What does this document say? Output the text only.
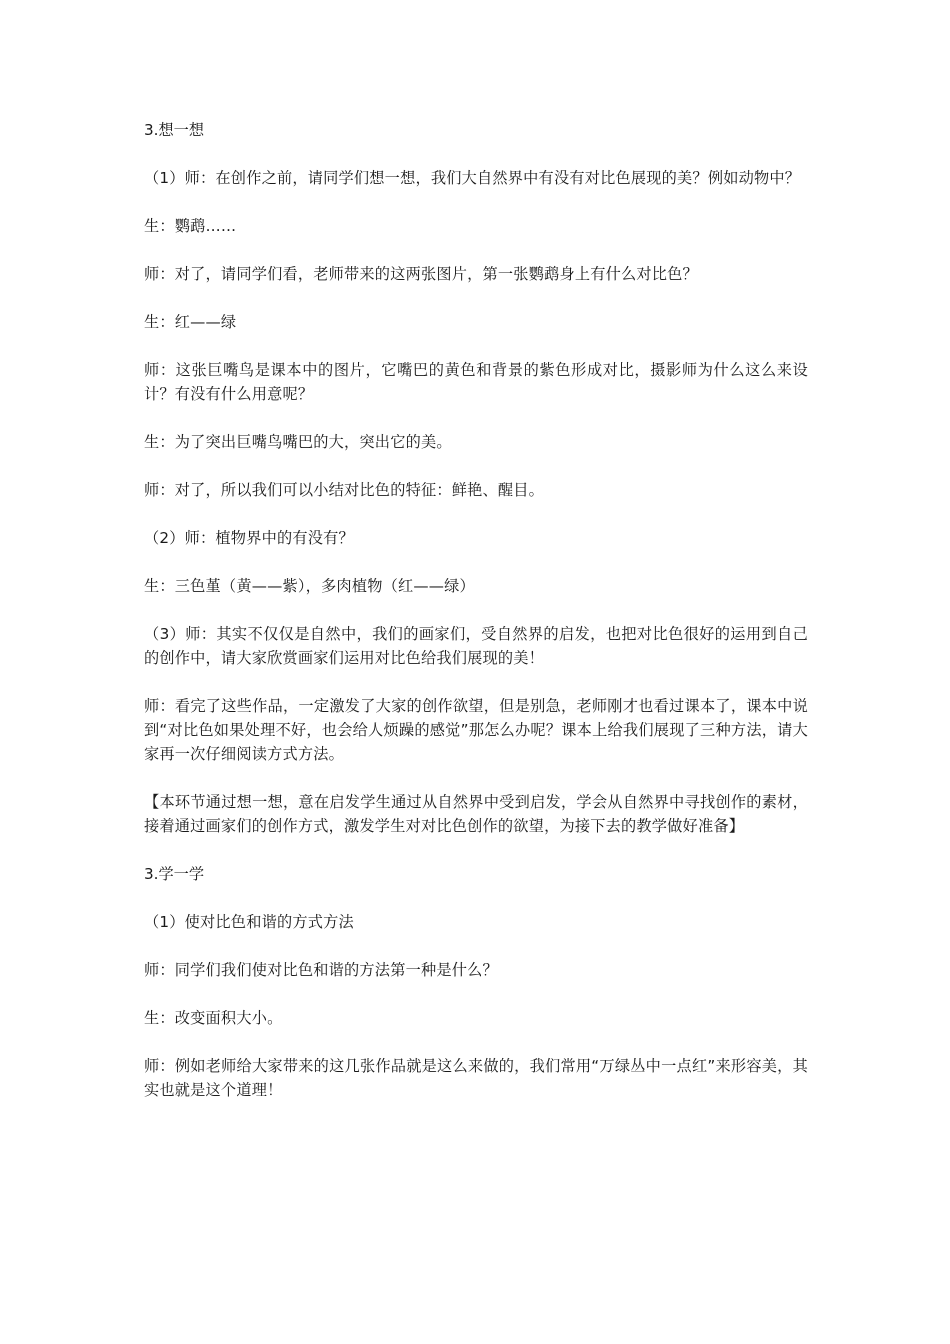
3.想一想

（1）师：在创作之前，请同学们想一想，我们大自然界中有没有对比色展现的美？例如动物中？

生：鹦鹉……

师：对了，请同学们看，老师带来的这两张图片，第一张鹦鹉身上有什么对比色？

生：红——绿

师：这张巨嘴鸟是课本中的图片，它嘴巴的黄色和背景的紫色形成对比，摄影师为什么这么来设计？有没有什么用意呢？

生：为了突出巨嘴鸟嘴巴的大，突出它的美。

师：对了，所以我们可以小结对比色的特征：鲜艳、醒目。

（2）师：植物界中的有没有？

生：三色堇（黄——紫），多肉植物（红——绿）

（3）师：其实不仅仅是自然中，我们的画家们，受自然界的启发，也把对比色很好的运用到自己的创作中，请大家欣赏画家们运用对比色给我们展现的美！

师：看完了这些作品，一定激发了大家的创作欲望，但是别急，老师刚才也看过课本了，课本中说到“对比色如果处理不好，也会给人烦躁的感觉”那怎么办呢？课本上给我们展现了三种方法，请大家再一次仔细阅读方式方法。

【本环节通过想一想，意在启发学生通过从自然界中受到启发，学会从自然界中寻找创作的素材，接着通过画家们的创作方式，激发学生对对比色创作的欲望，为接下去的教学做好准备】

3.学一学

（1）使对比色和谐的方式方法

师：同学们我们使对比色和谐的方法第一种是什么？

生：改变面积大小。

师：例如老师给大家带来的这几张作品就是这么来做的，我们常用“万绿丛中一点红”来形容美，其实也就是这个道理！
